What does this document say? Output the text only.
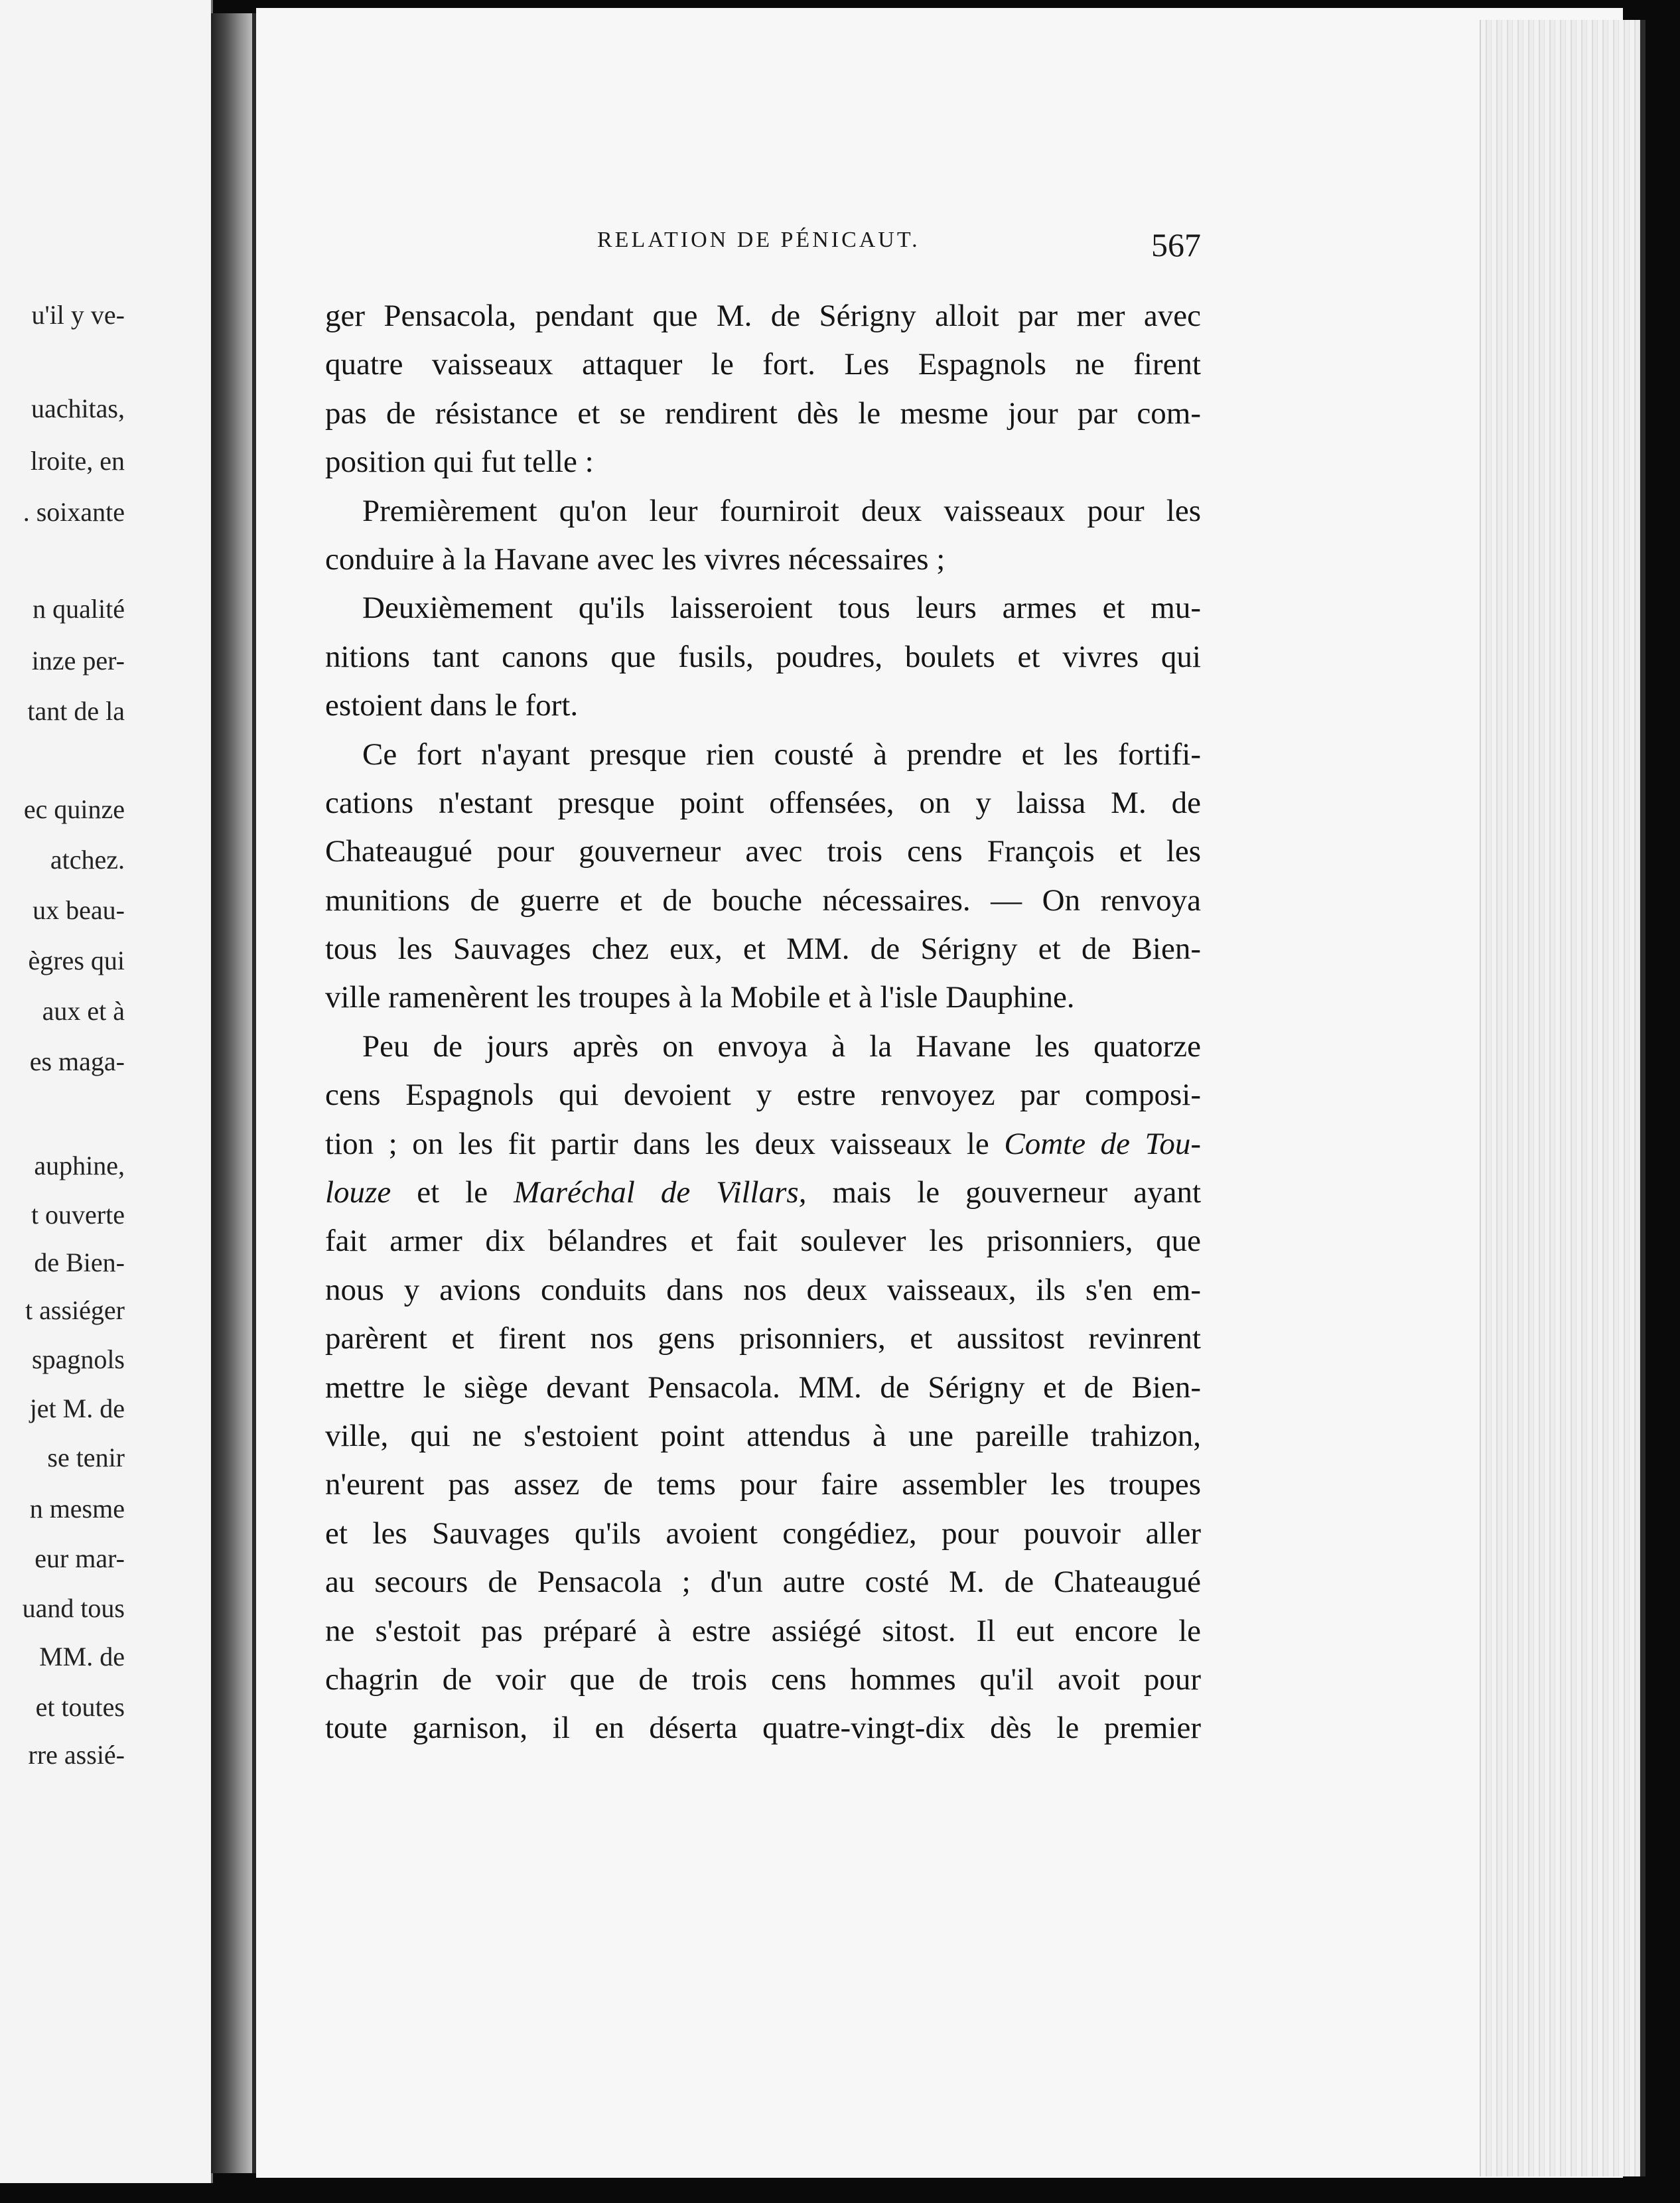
u'il y ve-
uachitas,
lroite, en
. soixante
n qualité
inze per-
tant de la
ec quinze
atchez.
ux beau-
ègres qui
aux et à
es maga-
auphine,
t ouverte
de Bien-
t assiéger
spagnols
jet M. de
se tenir
n mesme
eur mar-
uand tous
MM. de
et toutes
rre assié-
RELATION DE PÉNICAUT.	567
ger Pensacola, pendant que M. de Sérigny alloit par mer avec
quatre vaisseaux attaquer le fort. Les Espagnols ne firent
pas de résistance et se rendirent dès le mesme jour par com-
position qui fut telle :
Premièrement qu'on leur fourniroit deux vaisseaux pour les
conduire à la Havane avec les vivres nécessaires ;
Deuxièmement qu'ils laisseroient tous leurs armes et mu-
nitions tant canons que fusils, poudres, boulets et vivres qui
estoient dans le fort.
Ce fort n'ayant presque rien cousté à prendre et les fortifi-
cations n'estant presque point offensées, on y laissa M. de
Chateaugué pour gouverneur avec trois cens François et les
munitions de guerre et de bouche nécessaires. — On renvoya
tous les Sauvages chez eux, et MM. de Sérigny et de Bien-
ville ramenèrent les troupes à la Mobile et à l'isle Dauphine.
Peu de jours après on envoya à la Havane les quatorze
cens Espagnols qui devoient y estre renvoyez par composi-
tion ; on les fit partir dans les deux vaisseaux le Comte de Tou-
louze et le Maréchal de Villars, mais le gouverneur ayant
fait armer dix bélandres et fait soulever les prisonniers, que
nous y avions conduits dans nos deux vaisseaux, ils s'en em-
parèrent et firent nos gens prisonniers, et aussitost revinrent
mettre le siège devant Pensacola. MM. de Sérigny et de Bien-
ville, qui ne s'estoient point attendus à une pareille trahizon,
n'eurent pas assez de tems pour faire assembler les troupes
et les Sauvages qu'ils avoient congédiez, pour pouvoir aller
au secours de Pensacola ; d'un autre costé M. de Chateaugué
ne s'estoit pas préparé à estre assiégé sitost. Il eut encore le
chagrin de voir que de trois cens hommes qu'il avoit pour
toute garnison, il en déserta quatre-vingt-dix dès le premier
